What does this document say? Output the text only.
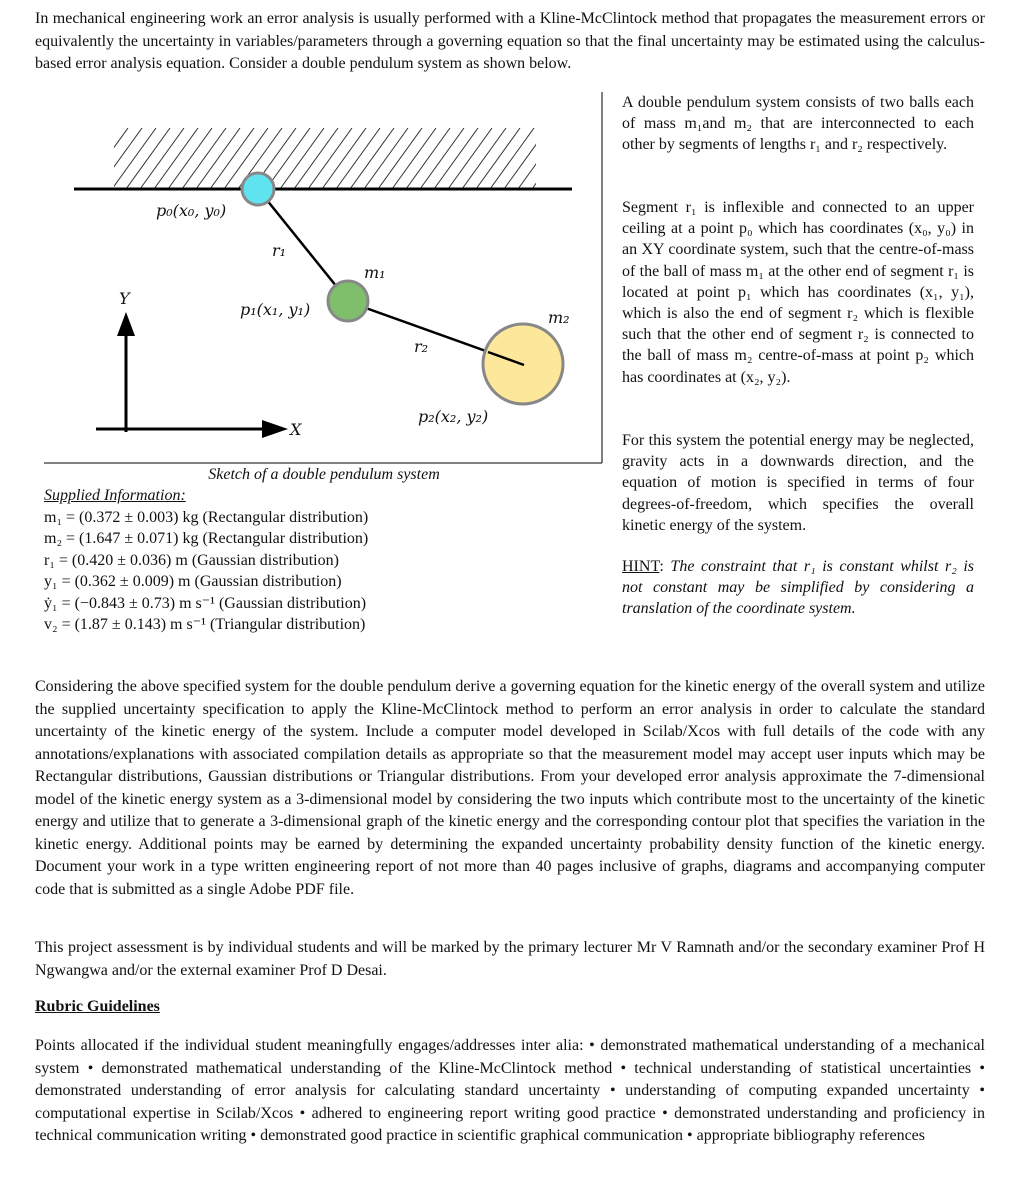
In mechanical engineering work an error analysis is usually performed with a Kline-McClintock method that propagates the measurement errors or equivalently the uncertainty in variables/parameters through a governing equation so that the final uncertainty may be estimated using the calculus-based error analysis equation. Consider a double pendulum system as shown below.
p₀(x₀, y₀)
r₁
m₁
p₁(x₁, y₁)	m₂
r₂
p₂(x₂, y₂)
Y
X
Sketch of a double pendulum system
Supplied Information:
m₁ = (0.372 ± 0.003) kg (Rectangular distribution)
m₂ = (1.647 ± 0.071) kg (Rectangular distribution)
r₁ = (0.420 ± 0.036) m (Gaussian distribution)
y₁ = (0.362 ± 0.009) m (Gaussian distribution)
ẏ₁ = (−0.843 ± 0.73) m s⁻¹ (Gaussian distribution)
v₂ = (1.87 ± 0.143) m s⁻¹ (Triangular distribution)
A double pendulum system consists of two balls each of mass m₁and m₂ that are interconnected to each other by segments of lengths r₁ and r₂ respectively.
Segment r₁ is inflexible and connected to an upper ceiling at a point p₀ which has coordinates (x₀, y₀) in an XY coordinate system, such that the centre-of-mass of the ball of mass m₁ at the other end of segment r₁ is located at point p₁ which has coordinates (x₁, y₁), which is also the end of segment r₂ which is flexible such that the other end of segment r₂ is connected to the ball of mass m₂ centre-of-mass at point p₂ which has coordinates at (x₂, y₂).
For this system the potential energy may be neglected, gravity acts in a downwards direction, and the equation of motion is specified in terms of four degrees-of-freedom, which specifies the overall kinetic energy of the system.
HINT: The constraint that r₁ is constant whilst r₂ is not constant may be simplified by considering a translation of the coordinate system.
Considering the above specified system for the double pendulum derive a governing equation for the kinetic energy of the overall system and utilize the supplied uncertainty specification to apply the Kline-McClintock method to perform an error analysis in order to calculate the standard uncertainty of the kinetic energy of the system. Include a computer model developed in Scilab/Xcos with full details of the code with any annotations/explanations with associated compilation details as appropriate so that the measurement model may accept user inputs which may be Rectangular distributions, Gaussian distributions or Triangular distributions. From your developed error analysis approximate the 7-dimensional model of the kinetic energy system as a 3-dimensional model by considering the two inputs which contribute most to the uncertainty of the kinetic energy and utilize that to generate a 3-dimensional graph of the kinetic energy and the corresponding contour plot that specifies the variation in the kinetic energy. Additional points may be earned by determining the expanded uncertainty probability density function of the kinetic energy. Document your work in a type written engineering report of not more than 40 pages inclusive of graphs, diagrams and accompanying computer code that is submitted as a single Adobe PDF file.
This project assessment is by individual students and will be marked by the primary lecturer Mr V Ramnath and/or the secondary examiner Prof H Ngwangwa and/or the external examiner Prof D Desai.
Rubric Guidelines
Points allocated if the individual student meaningfully engages/addresses inter alia: • demonstrated mathematical understanding of a mechanical system • demonstrated mathematical understanding of the Kline-McClintock method • technical understanding of statistical uncertainties • demonstrated understanding of error analysis for calculating standard uncertainty • understanding of computing expanded uncertainty • computational expertise in Scilab/Xcos • adhered to engineering report writing good practice • demonstrated understanding and proficiency in technical communication writing • demonstrated good practice in scientific graphical communication • appropriate bibliography references
